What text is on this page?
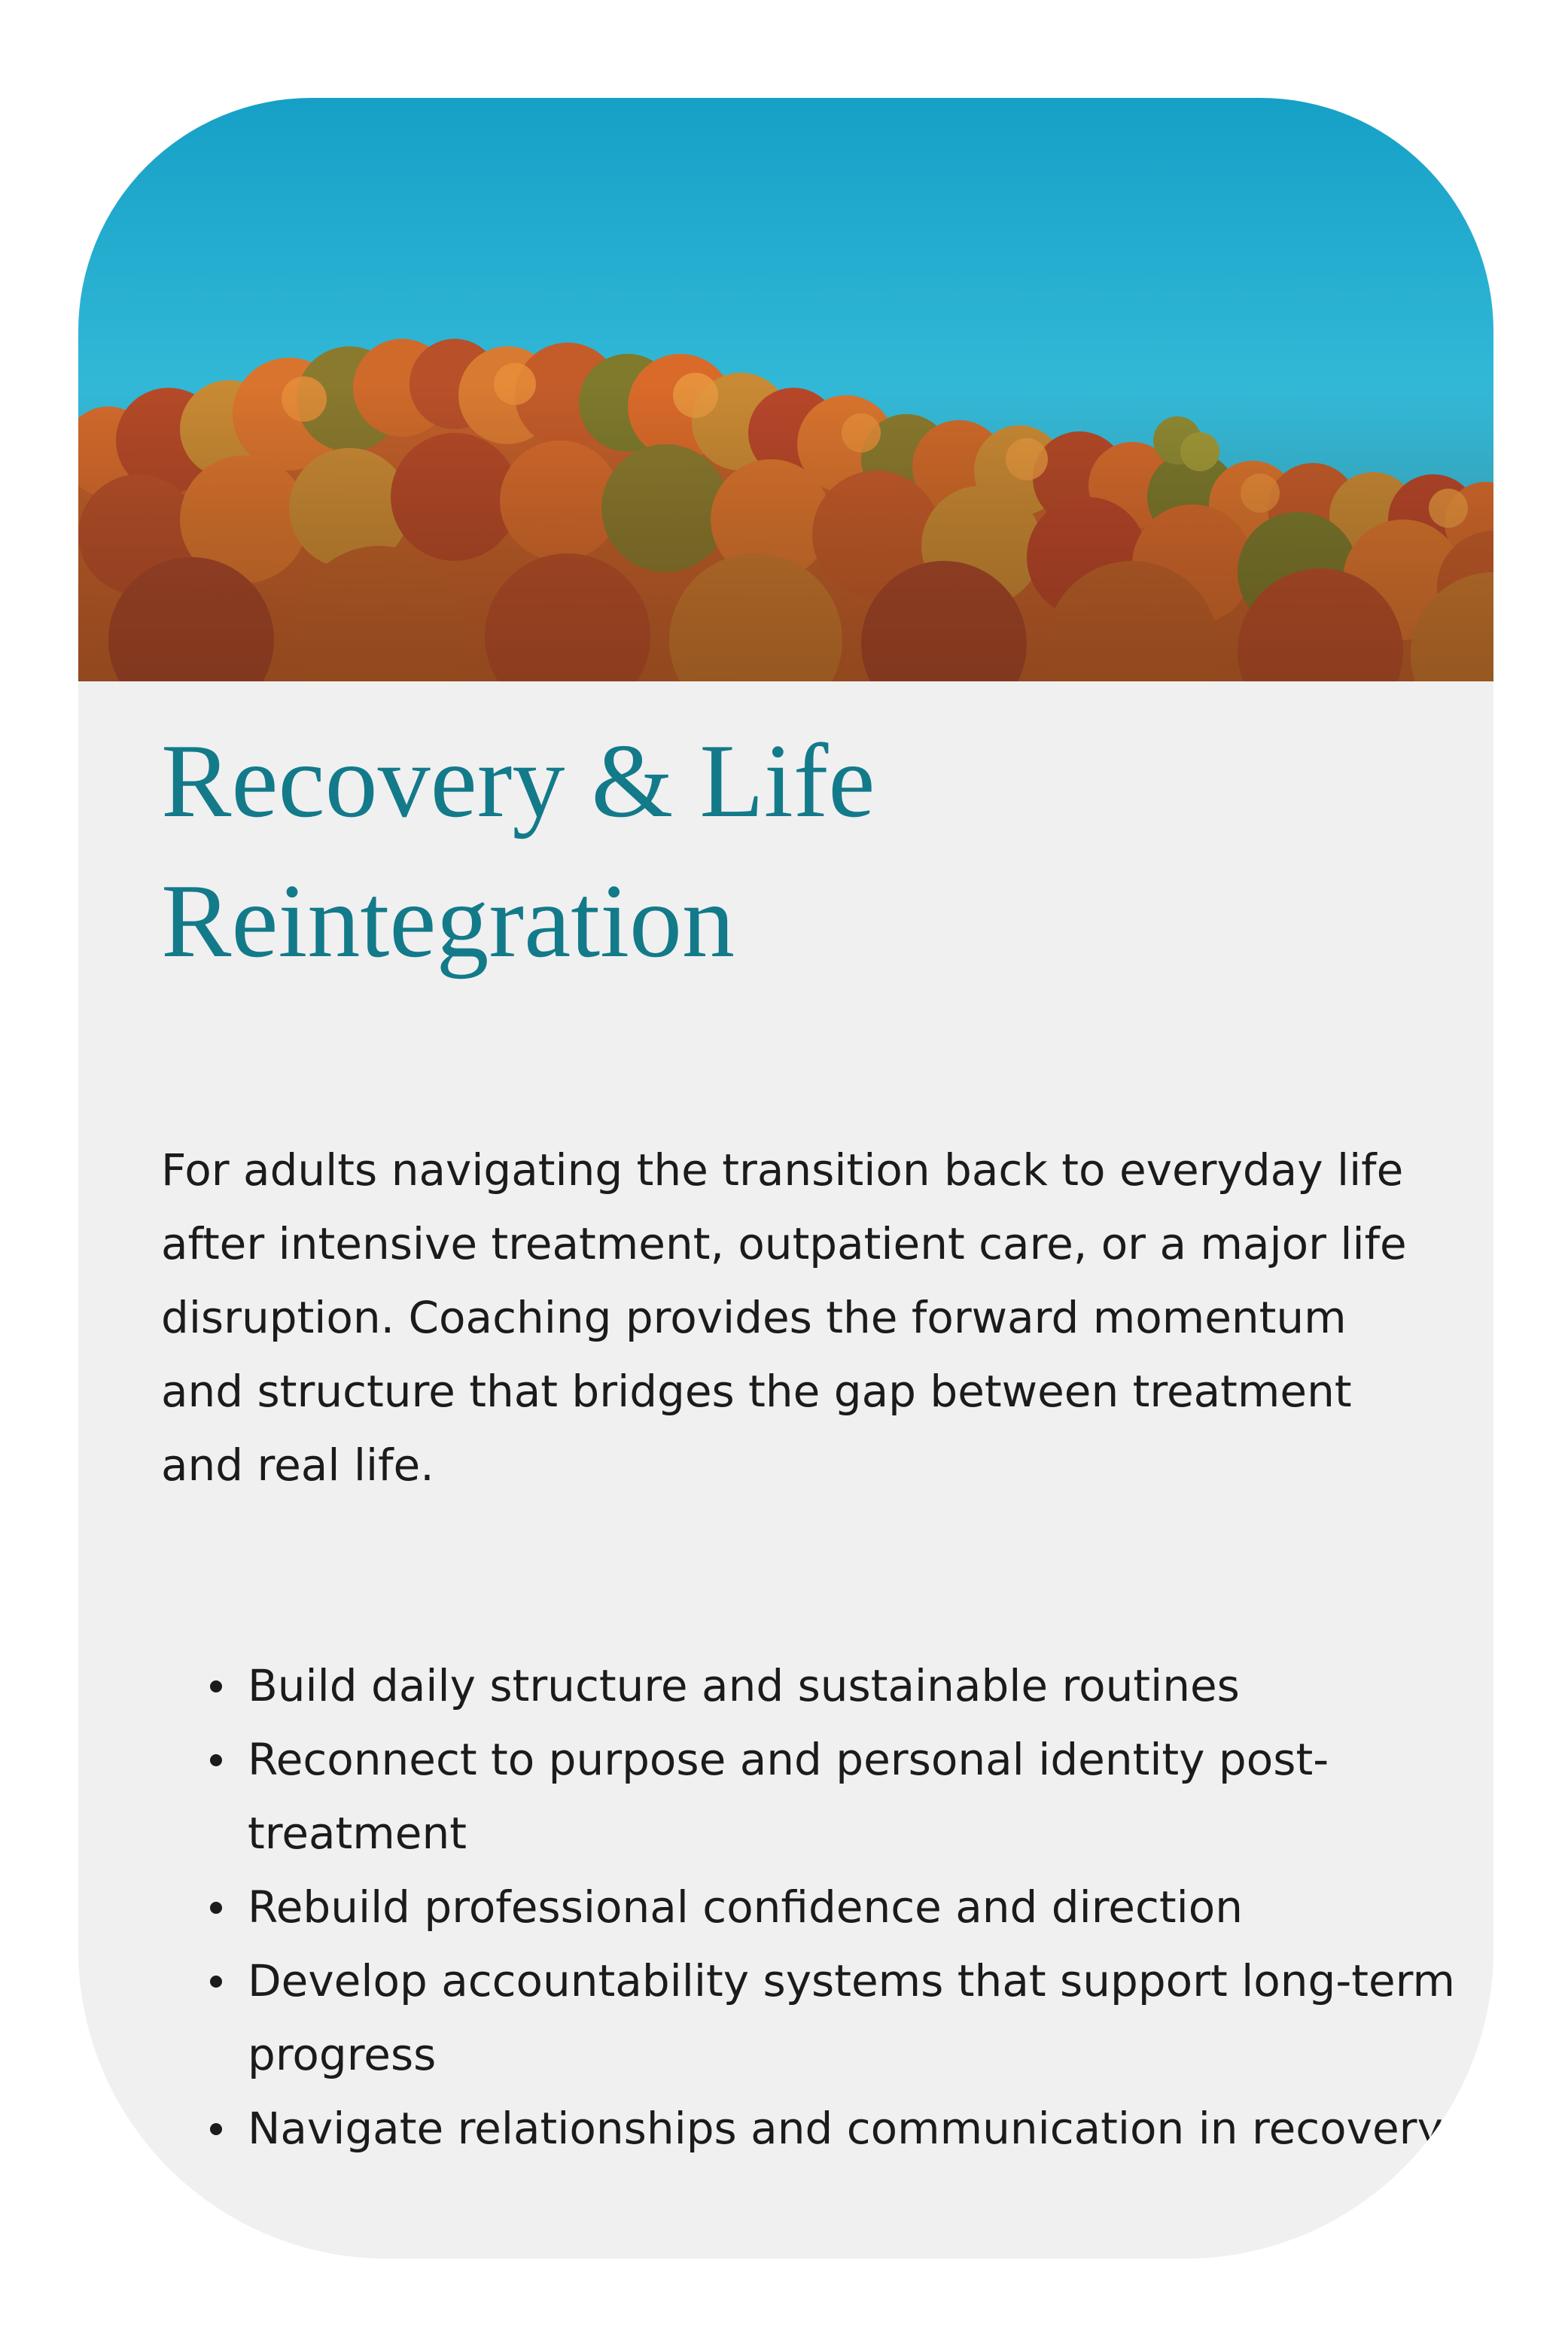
Recovery & Life Reintegration

For adults navigating the transition back to everyday life after intensive treatment, outpatient care, or a major life disruption. Coaching provides the forward momentum and structure that bridges the gap between treatment and real life.

Build daily structure and sustainable routines
Reconnect to purpose and personal identity post-treatment
Rebuild professional confidence and direction
Develop accountability systems that support long-term progress
Navigate relationships and communication in recovery
